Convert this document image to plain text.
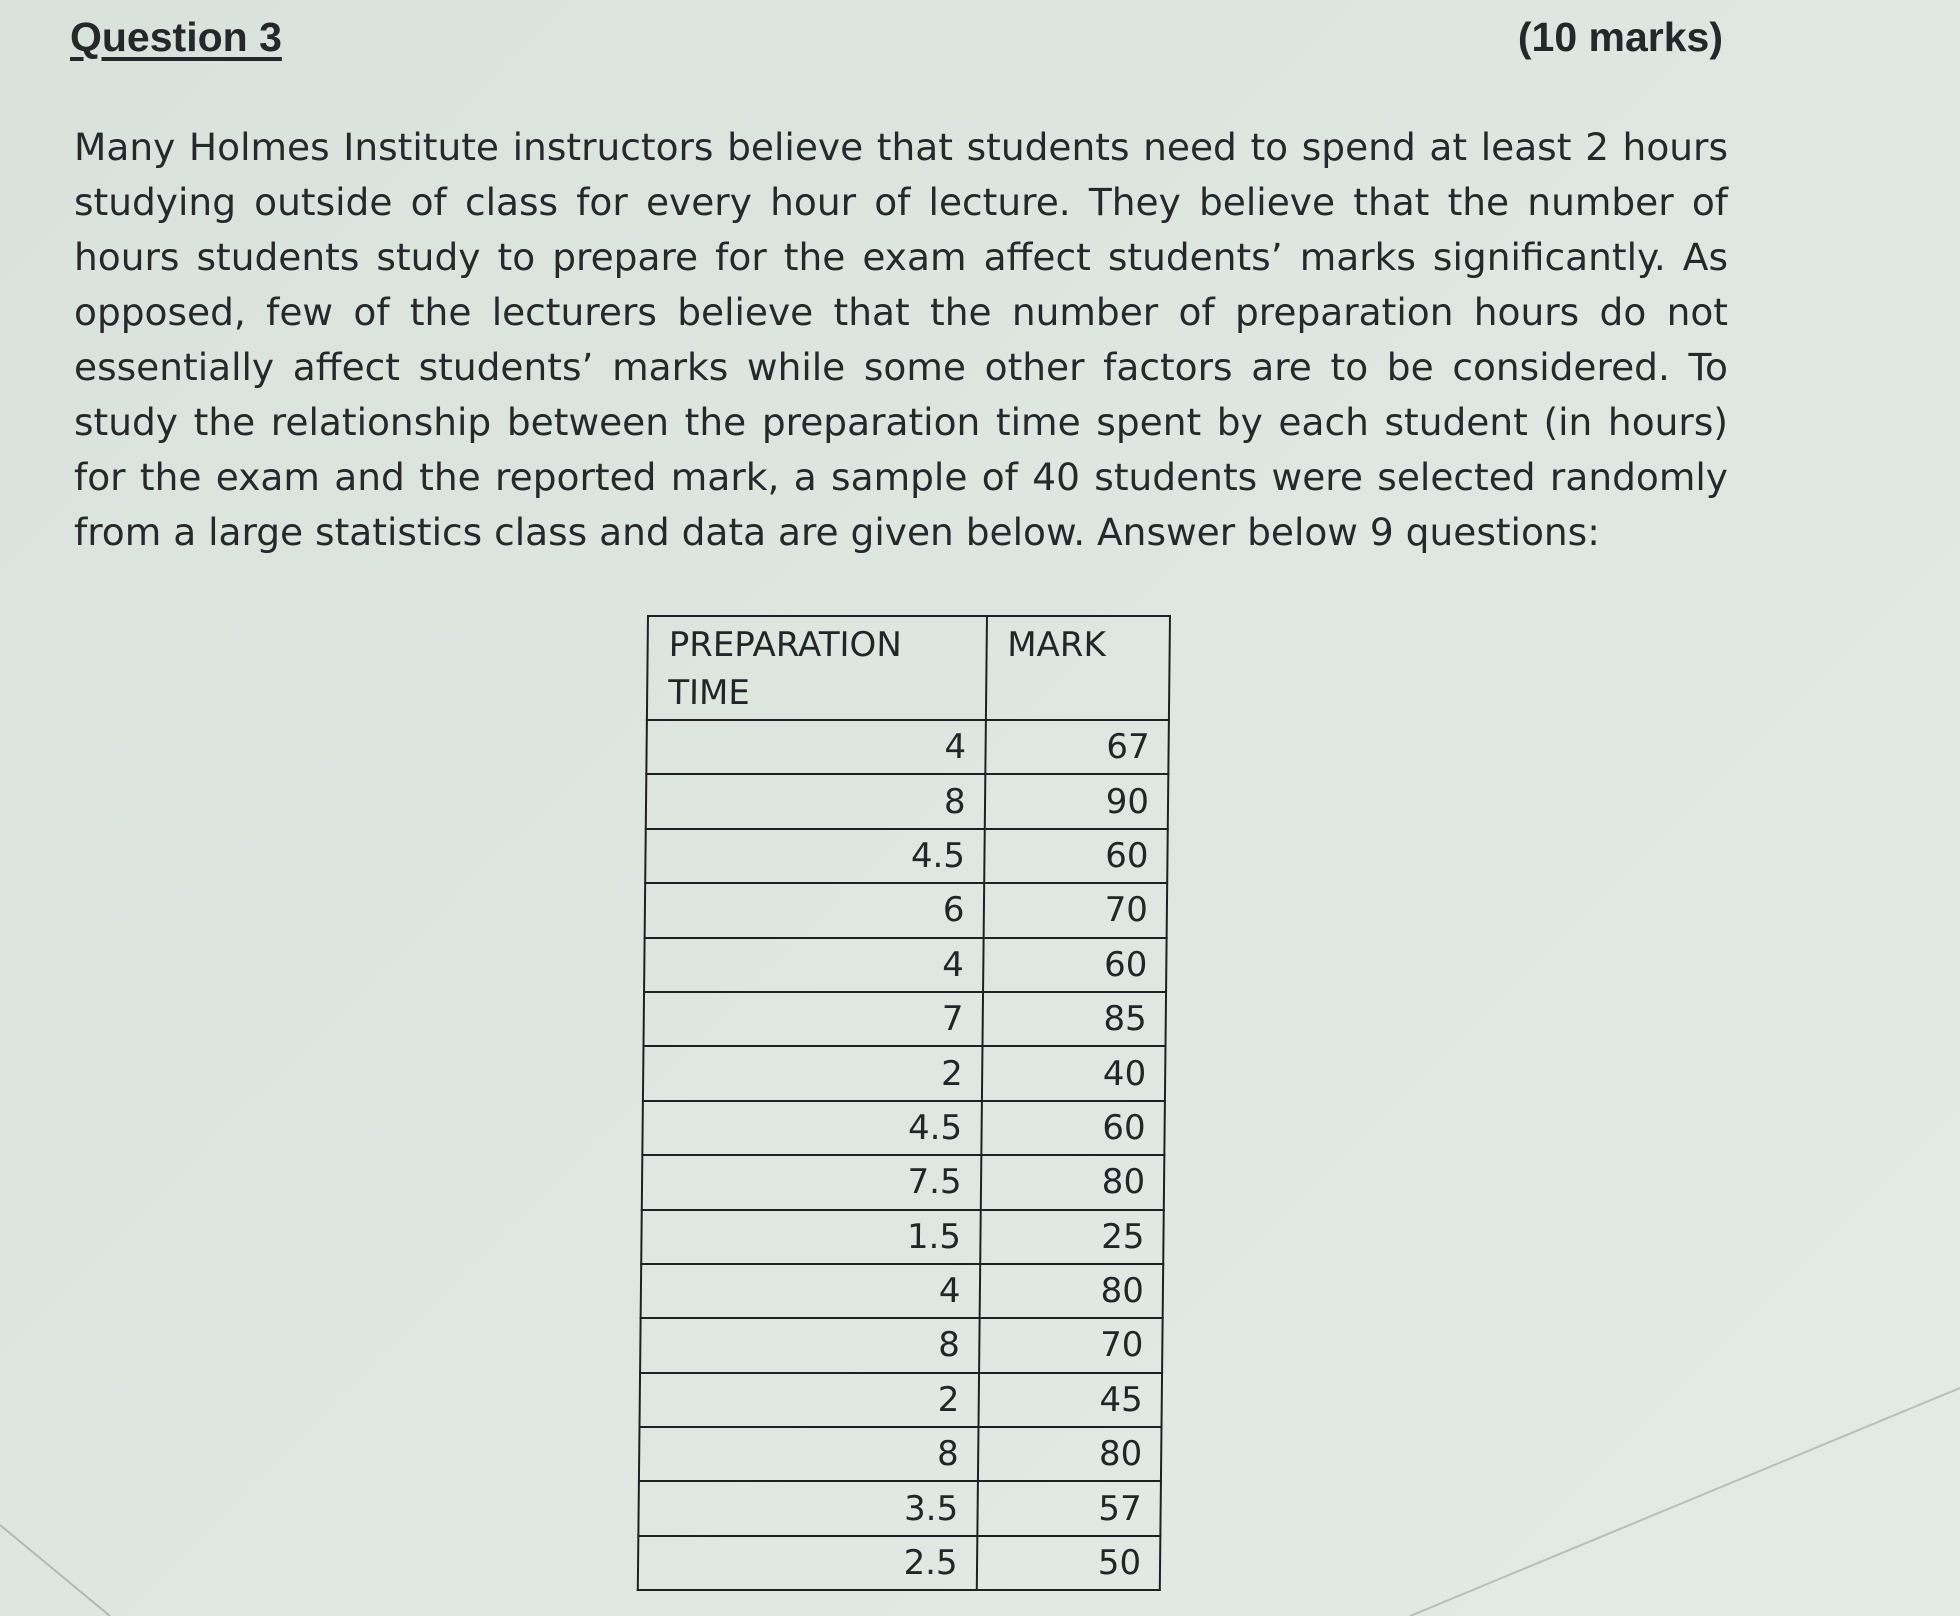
Question 3	(10 marks)

Many Holmes Institute instructors believe that students need to spend at least 2 hours studying outside of class for every hour of lecture. They believe that the number of hours students study to prepare for the exam affect students’ marks significantly. As opposed, few of the lecturers believe that the number of preparation hours do not essentially affect students’ marks while some other factors are to be considered. To study the relationship between the preparation time spent by each student (in hours) for the exam and the reported mark, a sample of 40 students were selected randomly from a large statistics class and data are given below. Answer below 9 questions:

PREPARATION TIME	MARK
4	67
8	90
4.5	60
6	70
4	60
7	85
2	40
4.5	60
7.5	80
1.5	25
4	80
8	70
2	45
8	80
3.5	57
2.5	50
